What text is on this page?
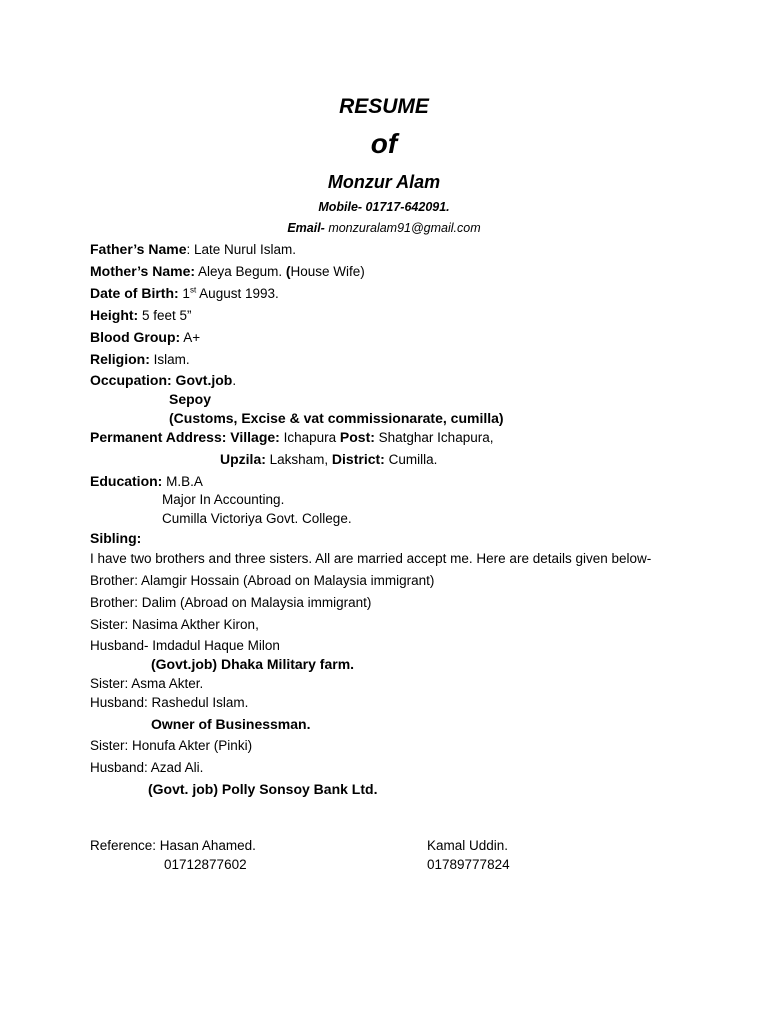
RESUME
of
Monzur Alam
Mobile- 01717-642091.
Email- monzuralam91@gmail.com
Father’s Name: Late Nurul Islam.
Mother’s Name: Aleya Begum. (House Wife)
Date of Birth: 1st August 1993.
Height: 5 feet 5”
Blood Group: A+
Religion: Islam.
Occupation: Govt.job.
Sepoy
(Customs, Excise & vat commissionarate, cumilla)
Permanent Address: Village: Ichapura Post: Shatghar Ichapura,
Upzila: Laksham, District: Cumilla.
Education: M.B.A
Major In Accounting.
Cumilla Victoriya Govt. College.
Sibling:
I have two brothers and three sisters. All are married accept me. Here are details given below-
Brother: Alamgir Hossain (Abroad on Malaysia immigrant)
Brother: Dalim (Abroad on Malaysia immigrant)
Sister: Nasima Akther Kiron,
Husband- Imdadul Haque Milon
(Govt.job) Dhaka Military farm.
Sister: Asma Akter.
Husband: Rashedul Islam.
Owner of Businessman.
Sister: Honufa Akter (Pinki)
Husband: Azad Ali.
(Govt. job) Polly Sonsoy Bank Ltd.
Reference: Hasan Ahamed.
01712877602
Kamal Uddin.
01789777824
